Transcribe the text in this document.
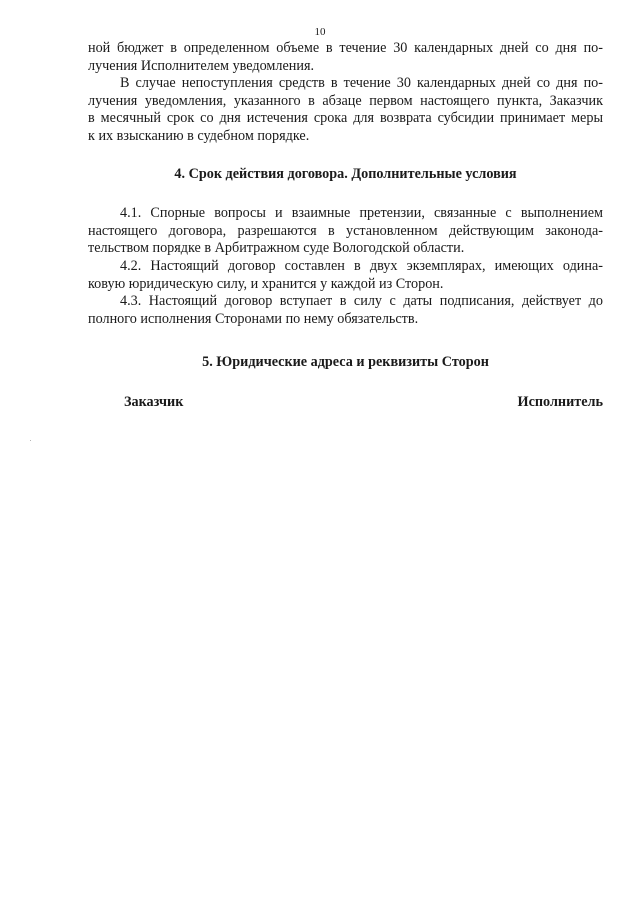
10
ной бюджет в определенном объеме в течение 30 календарных дней со дня по-
лучения Исполнителем уведомления.
В случае непоступления средств в течение 30 календарных дней со дня по-
лучения уведомления, указанного в абзаце первом настоящего пункта, Заказчик
в месячный срок со дня истечения срока для возврата субсидии принимает меры
к их взысканию в судебном порядке.
4. Срок действия договора. Дополнительные условия
4.1. Спорные вопросы и взаимные претензии, связанные с выполнением
настоящего договора, разрешаются в установленном действующим законода-
тельством порядке в Арбитражном суде Вологодской области.
4.2. Настоящий договор составлен в двух экземплярах, имеющих одина-
ковую юридическую силу, и хранится у каждой из Сторон.
4.3. Настоящий договор вступает в силу с даты подписания, действует до
полного исполнения Сторонами по нему обязательств.
5. Юридические адреса и реквизиты Сторон
Заказчик	Исполнитель
